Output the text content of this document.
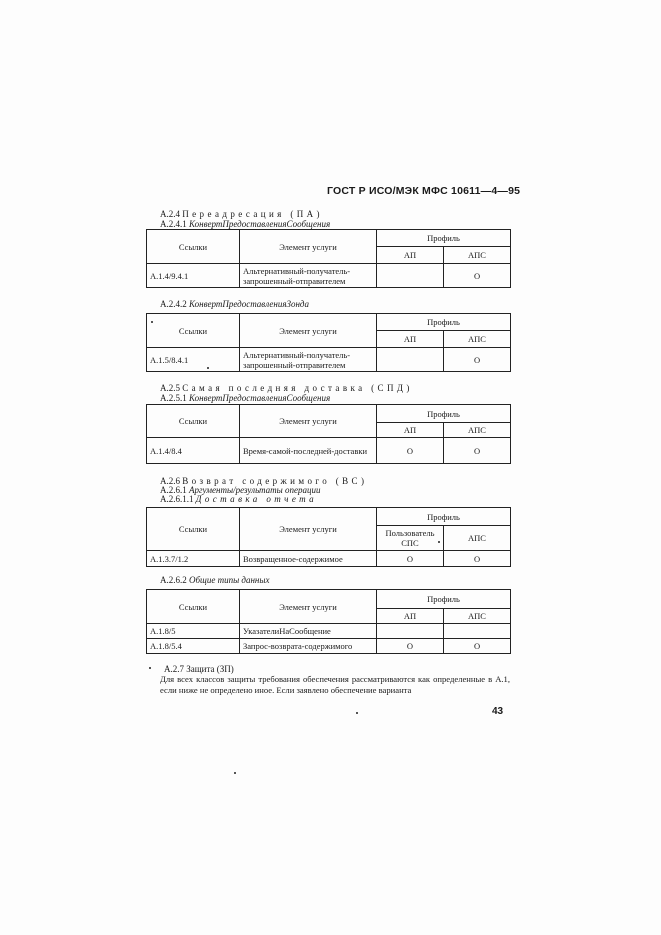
ГОСТ Р ИСО/МЭК МФС 10611—4—95
A.2.4 Переадресация (ПА)
A.2.4.1 КонвертПредоставленияСообщения
Ссылки	Элемент услуги	Профиль	
		АП	АПС
A.1.4/9.4.1	Альтернативный-получатель-запрошенный-отправителем		O
A.2.4.2 КонвертПредоставленияЗонда
Ссылки	Элемент услуги	Профиль	
		АП	АПС
A.1.5/8.4.1	Альтернативный-получатель-запрошенный-отправителем		O
A.2.5 Самая последняя доставка (СПД)
A.2.5.1 КонвертПредоставленияСообщения
Ссылки	Элемент услуги	Профиль	
		АП	АПС
A.1.4/8.4	Время-самой-последней-доставки	O	O
A.2.6 Возврат содержимого (ВС)
A.2.6.1 Аргументы/результаты операции
A.2.6.1.1 Доставка отчета
Ссылки	Элемент услуги	Профиль	
		Пользователь СПС	АПС
A.1.3.7/1.2	Возвращенное-содержимое	O	O
A.2.6.2 Общие типы данных
Ссылки	Элемент услуги	Профиль	
		АП	АПС
A.1.8/5	УказателиНаСообщение		
A.1.8/5.4	Запрос-возврата-содержимого	O	O
A.2.7 Защита (ЗП)
Для всех классов защиты требования обеспечения рассматриваются как определенные в A.1, если ниже не определено иное. Если заявлено обеспечение варианта
43
